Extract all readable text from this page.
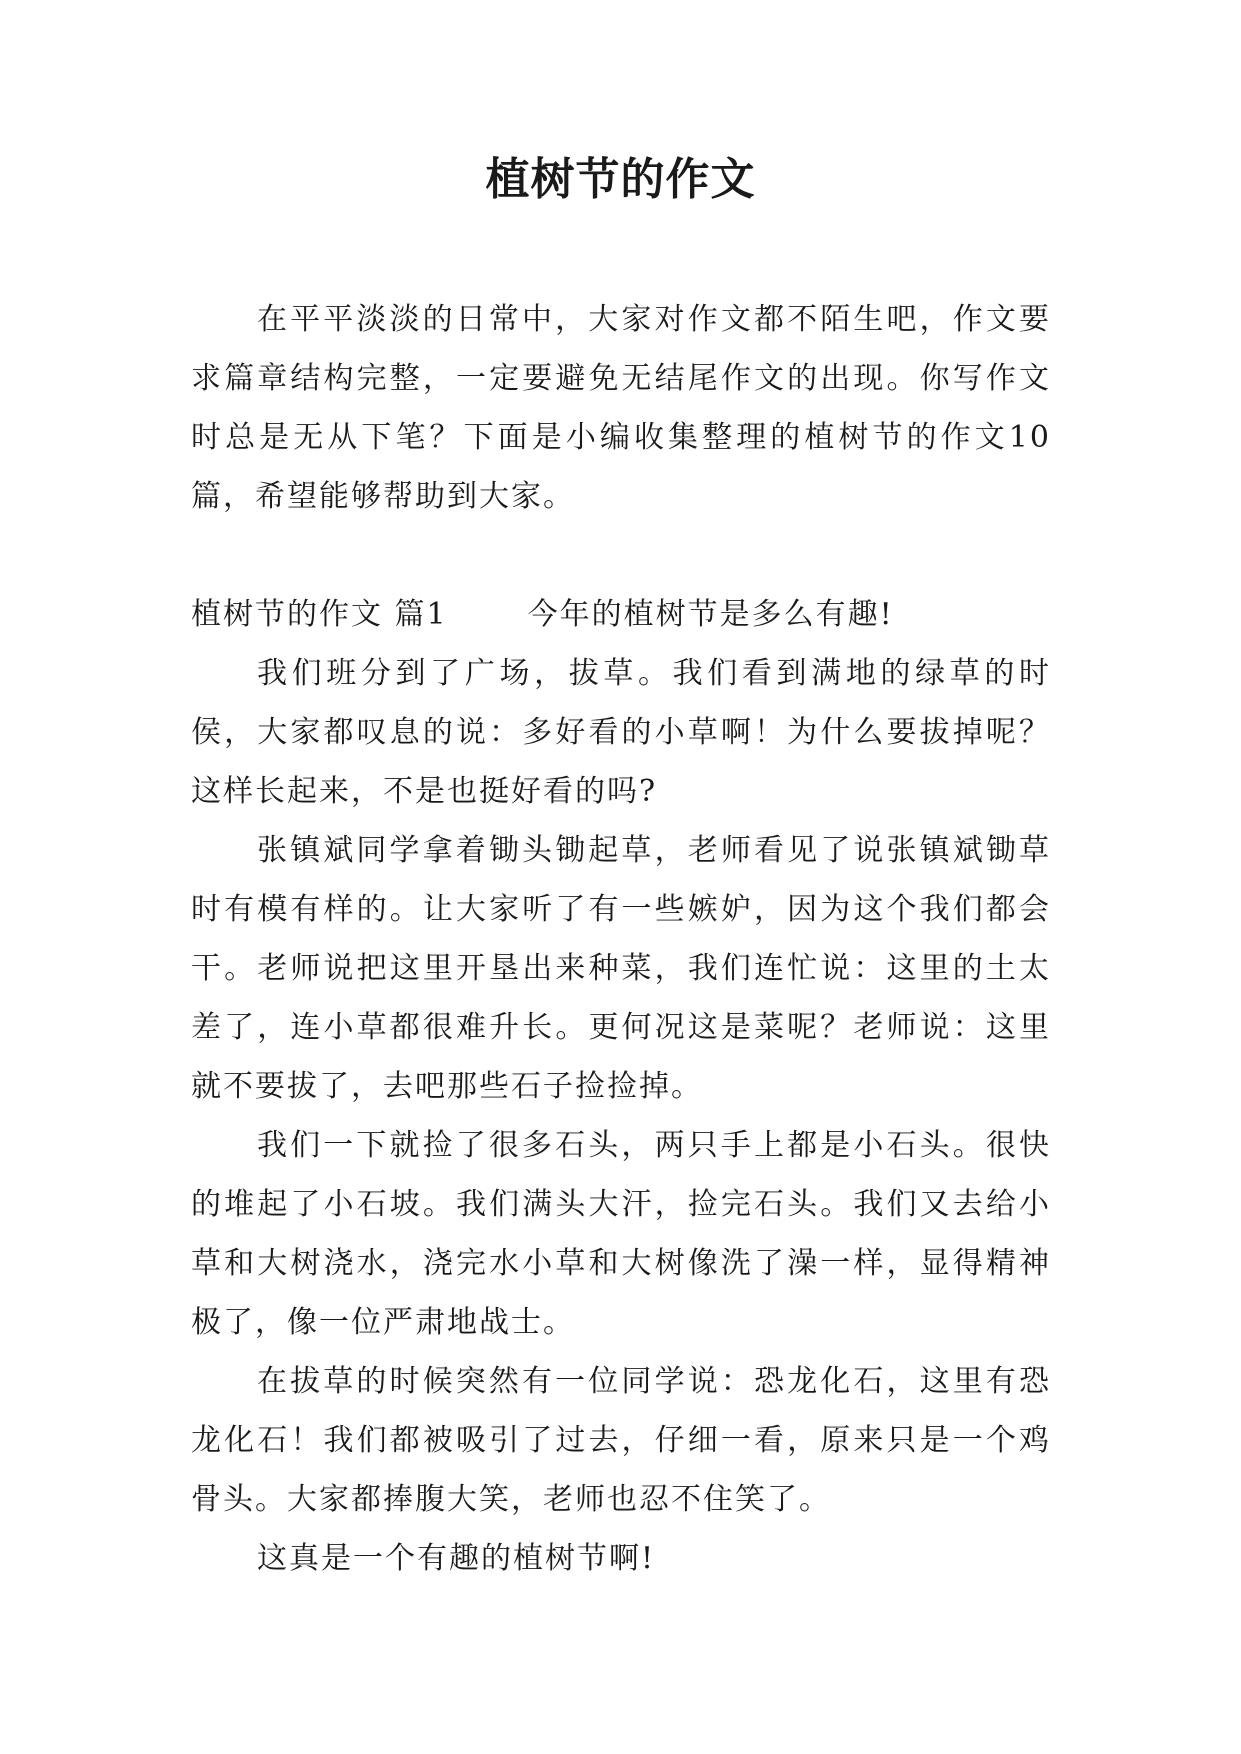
植树节的作文

在平平淡淡的日常中，大家对作文都不陌生吧，作文要求篇章结构完整，一定要避免无结尾作文的出现。你写作文时总是无从下笔？下面是小编收集整理的植树节的作文10篇，希望能够帮助到大家。

植树节的作文 篇1	今年的植树节是多么有趣!

我们班分到了广场，拔草。我们看到满地的绿草的时侯，大家都叹息的说：多好看的小草啊！为什么要拔掉呢？这样长起来，不是也挺好看的吗?

张镇斌同学拿着锄头锄起草，老师看见了说张镇斌锄草时有模有样的。让大家听了有一些嫉妒，因为这个我们都会干。老师说把这里开垦出来种菜，我们连忙说：这里的土太差了，连小草都很难升长。更何况这是菜呢？老师说：这里就不要拔了，去吧那些石子捡捡掉。

我们一下就捡了很多石头，两只手上都是小石头。很快的堆起了小石坡。我们满头大汗，捡完石头。我们又去给小草和大树浇水，浇完水小草和大树像洗了澡一样，显得精神极了，像一位严肃地战士。

在拔草的时候突然有一位同学说：恐龙化石，这里有恐龙化石！我们都被吸引了过去，仔细一看，原来只是一个鸡骨头。大家都捧腹大笑，老师也忍不住笑了。

这真是一个有趣的植树节啊!
